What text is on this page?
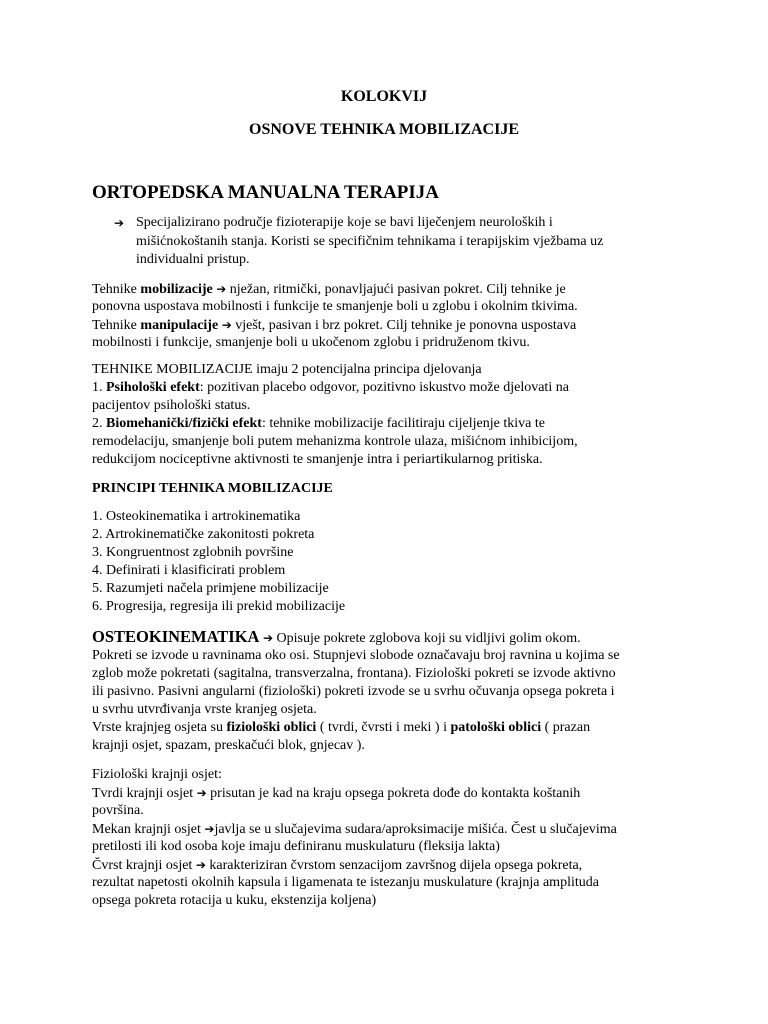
KOLOKVIJ
OSNOVE TEHNIKA MOBILIZACIJE
ORTOPEDSKA MANUALNA TERAPIJA
➔ Specijalizirano područje fizioterapije koje se bavi liječenjem neuroloških i
mišićnokoštanih stanja. Koristi se specifičnim tehnikama i terapijskim vježbama uz
individualni pristup.
Tehnike mobilizacije ➔ nježan, ritmički, ponavljajući pasivan pokret. Cilj tehnike je
ponovna uspostava mobilnosti i funkcije te smanjenje boli u zglobu i okolnim tkivima.
Tehnike manipulacije ➔ vješt, pasivan i brz pokret. Cilj tehnike je ponovna uspostava
mobilnosti i funkcije, smanjenje boli u ukočenom zglobu i pridruženom tkivu.
TEHNIKE MOBILIZACIJE imaju 2 potencijalna principa djelovanja
1. Psihološki efekt: pozitivan placebo odgovor, pozitivno iskustvo može djelovati na
pacijentov psihološki status.
2. Biomehanički/fizički efekt: tehnike mobilizacije facilitiraju cijeljenje tkiva te
remodelaciju, smanjenje boli putem mehanizma kontrole ulaza, mišićnom inhibicijom,
redukcijom nociceptivne aktivnosti te smanjenje intra i periartikularnog pritiska.
PRINCIPI TEHNIKA MOBILIZACIJE
1. Osteokinematika i artrokinematika
2. Artrokinematičke zakonitosti pokreta
3. Kongruentnost zglobnih površine
4. Definirati i klasificirati problem
5. Razumjeti načela primjene mobilizacije
6. Progresija, regresija ili prekid mobilizacije
OSTEOKINEMATIKA ➔ Opisuje pokrete zglobova koji su vidljivi golim okom.
Pokreti se izvode u ravninama oko osi. Stupnjevi slobode označavaju broj ravnina u kojima se
zglob može pokretati (sagitalna, transverzalna, frontana). Fiziološki pokreti se izvode aktivno
ili pasivno. Pasivni angularni (fiziološki) pokreti izvode se u svrhu očuvanja opsega pokreta i
u svrhu utvrđivanja vrste kranjeg osjeta.
Vrste krajnjeg osjeta su fiziološki oblici ( tvrdi, čvrsti i meki ) i patološki oblici ( prazan
krajnji osjet, spazam, preskačući blok, gnjecav ).
Fiziološki krajnji osjet:
Tvrdi krajnji osjet ➔ prisutan je kad na kraju opsega pokreta dođe do kontakta koštanih
površina.
Mekan krajnji osjet ➔javlja se u slučajevima sudara/aproksimacije mišića. Čest u slučajevima
pretilosti ili kod osoba koje imaju definiranu muskulaturu (fleksija lakta)
Čvrst krajnji osjet ➔ karakteriziran čvrstom senzacijom završnog dijela opsega pokreta,
rezultat napetosti okolnih kapsula i ligamenata te istezanju muskulature (krajnja amplituda
opsega pokreta rotacija u kuku, ekstenzija koljena)
